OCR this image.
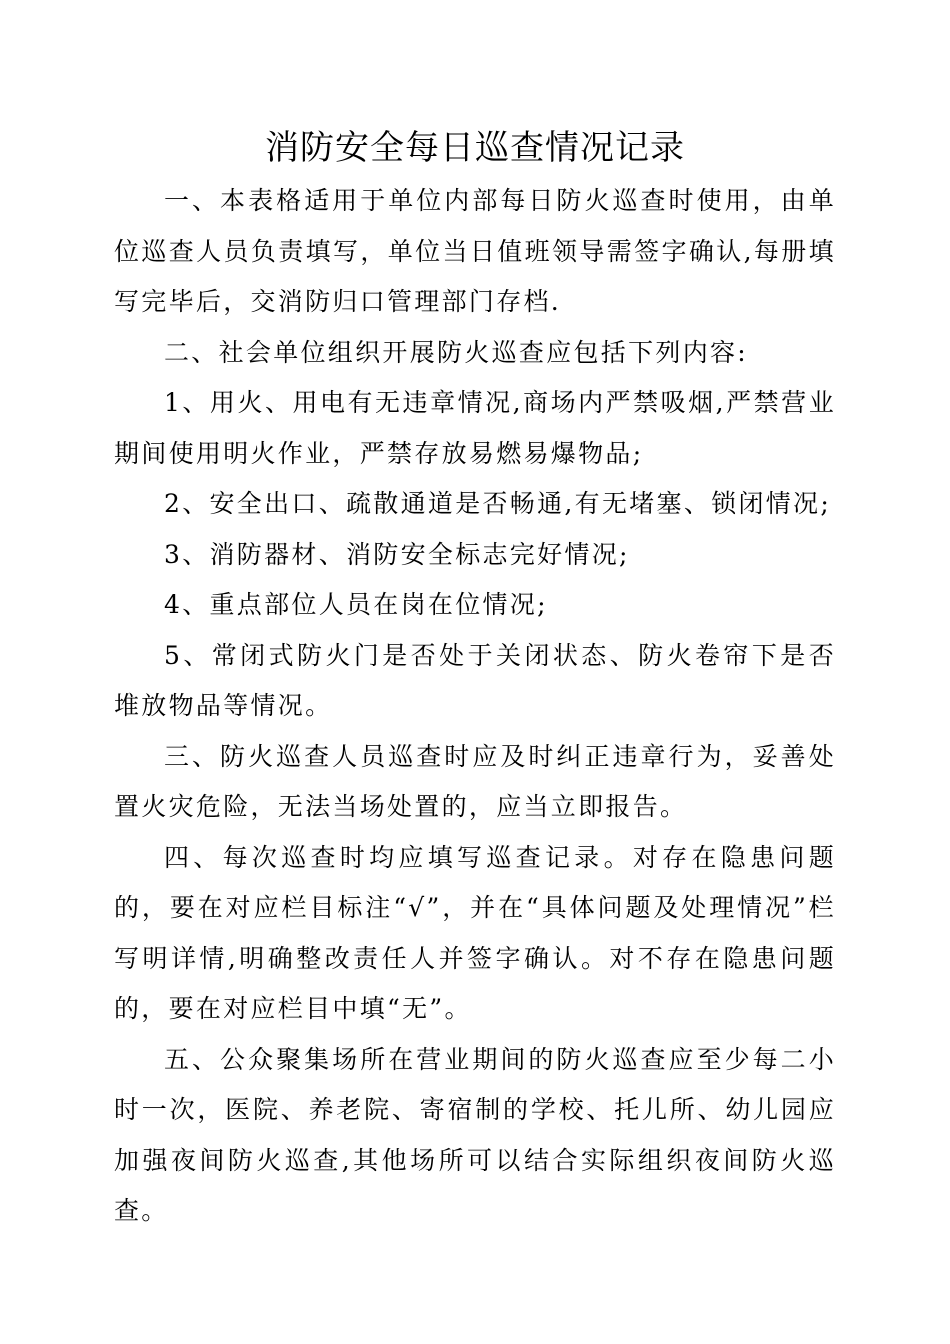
消防安全每日巡查情况记录

一、本表格适用于单位内部每日防火巡查时使用，由单位巡查人员负责填写，单位当日值班领导需签字确认,每册填写完毕后，交消防归口管理部门存档.

二、社会单位组织开展防火巡查应包括下列内容:

1、用火、用电有无违章情况,商场内严禁吸烟,严禁营业期间使用明火作业，严禁存放易燃易爆物品;

2、安全出口、疏散通道是否畅通,有无堵塞、锁闭情况;

3、消防器材、消防安全标志完好情况;

4、重点部位人员在岗在位情况;

5、常闭式防火门是否处于关闭状态、防火卷帘下是否堆放物品等情况。

三、防火巡查人员巡查时应及时纠正违章行为，妥善处置火灾危险，无法当场处置的，应当立即报告。

四、每次巡查时均应填写巡查记录。对存在隐患问题的，要在对应栏目标注“√”，并在“具体问题及处理情况”栏写明详情,明确整改责任人并签字确认。对不存在隐患问题的，要在对应栏目中填“无”。

五、公众聚集场所在营业期间的防火巡查应至少每二小时一次，医院、养老院、寄宿制的学校、托儿所、幼儿园应加强夜间防火巡查,其他场所可以结合实际组织夜间防火巡查。
